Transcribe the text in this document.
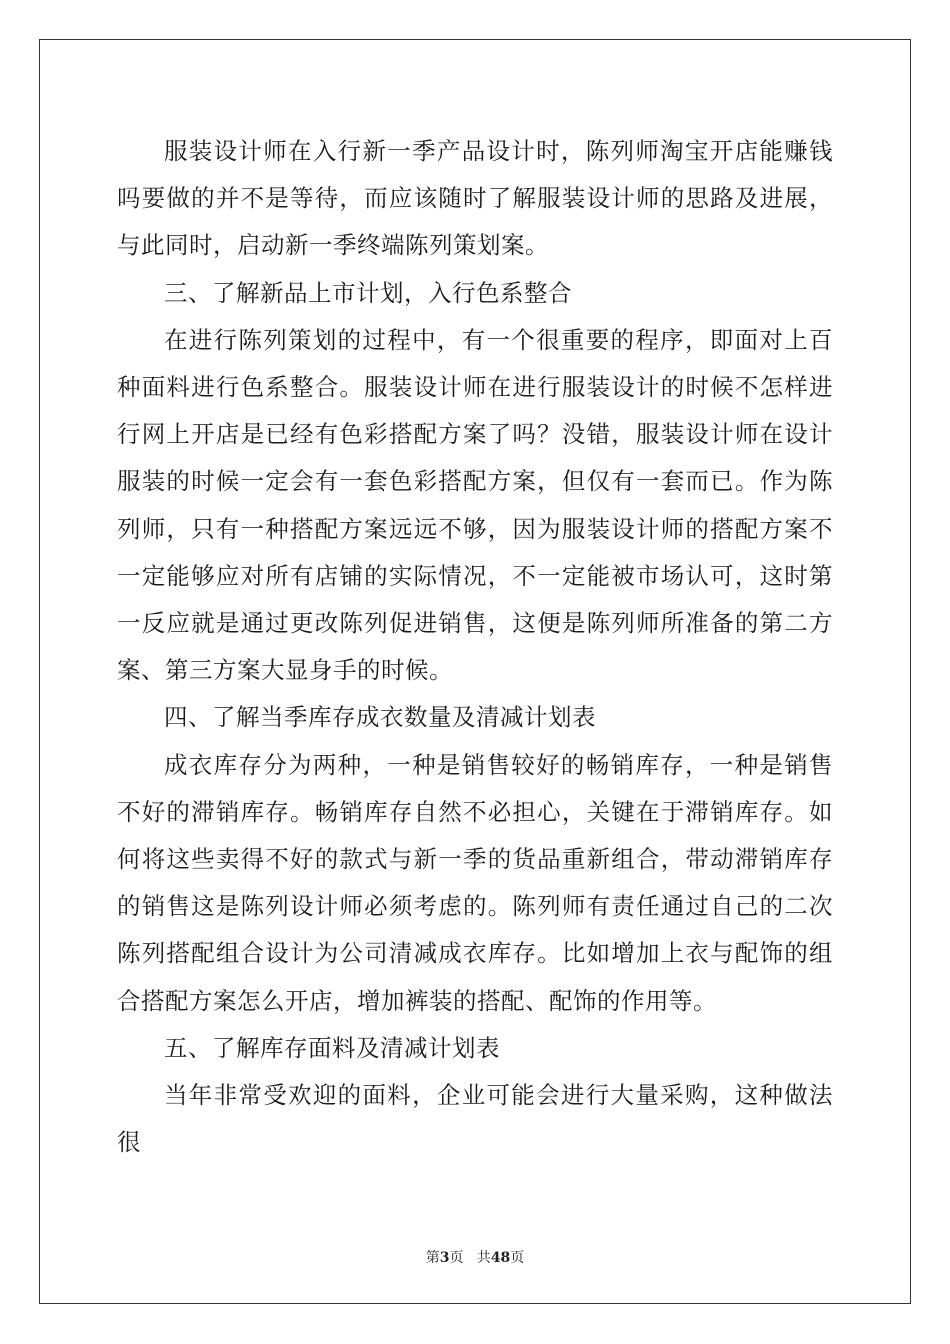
服装设计师在入行新一季产品设计时，陈列师淘宝开店能赚钱吗要做的并不是等待，而应该随时了解服装设计师的思路及进展，与此同时，启动新一季终端陈列策划案。

三、了解新品上市计划，入行色系整合

在进行陈列策划的过程中，有一个很重要的程序，即面对上百种面料进行色系整合。服装设计师在进行服装设计的时候不怎样进行网上开店是已经有色彩搭配方案了吗？没错，服装设计师在设计服装的时候一定会有一套色彩搭配方案，但仅有一套而已。作为陈列师，只有一种搭配方案远远不够，因为服装设计师的搭配方案不一定能够应对所有店铺的实际情况，不一定能被市场认可，这时第一反应就是通过更改陈列促进销售，这便是陈列师所准备的第二方案、第三方案大显身手的时候。

四、了解当季库存成衣数量及清减计划表

成衣库存分为两种，一种是销售较好的畅销库存，一种是销售不好的滞销库存。畅销库存自然不必担心，关键在于滞销库存。如何将这些卖得不好的款式与新一季的货品重新组合，带动滞销库存的销售这是陈列设计师必须考虑的。陈列师有责任通过自己的二次陈列搭配组合设计为公司清减成衣库存。比如增加上衣与配饰的组合搭配方案怎么开店，增加裤装的搭配、配饰的作用等。

五、了解库存面料及清减计划表

当年非常受欢迎的面料，企业可能会进行大量采购，这种做法很

第3页 共48页
